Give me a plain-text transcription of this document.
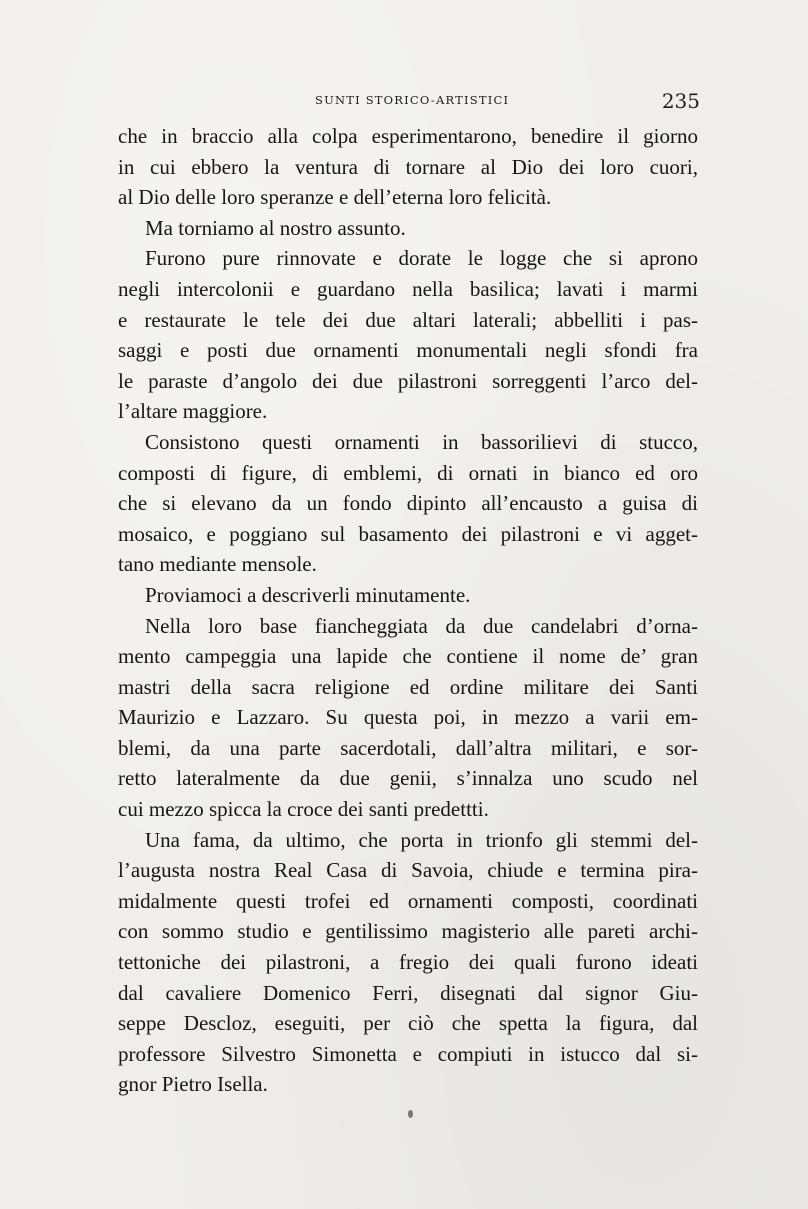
SUNTI STORICO-ARTISTICI	235
che in braccio alla colpa esperimentarono, benedire il giorno
in cui ebbero la ventura di tornare al Dio dei loro cuori,
al Dio delle loro speranze e dell’eterna loro felicità.
Ma torniamo al nostro assunto.
Furono pure rinnovate e dorate le logge che si aprono
negli intercolonii e guardano nella basilica; lavati i marmi
e restaurate le tele dei due altari laterali; abbelliti i pas-
saggi e posti due ornamenti monumentali negli sfondi fra
le paraste d’angolo dei due pilastroni sorreggenti l’arco del-
l’altare maggiore.
Consistono questi ornamenti in bassorilievi di stucco,
composti di figure, di emblemi, di ornati in bianco ed oro
che si elevano da un fondo dipinto all’encausto a guisa di
mosaico, e poggiano sul basamento dei pilastroni e vi agget-
tano mediante mensole.
Proviamoci a descriverli minutamente.
Nella loro base fiancheggiata da due candelabri d’orna-
mento campeggia una lapide che contiene il nome de’ gran
mastri della sacra religione ed ordine militare dei Santi
Maurizio e Lazzaro. Su questa poi, in mezzo a varii em-
blemi, da una parte sacerdotali, dall’altra militari, e sor-
retto lateralmente da due genii, s’innalza uno scudo nel
cui mezzo spicca la croce dei santi predettti.
Una fama, da ultimo, che porta in trionfo gli stemmi del-
l’augusta nostra Real Casa di Savoia, chiude e termina pira-
midalmente questi trofei ed ornamenti composti, coordinati
con sommo studio e gentilissimo magisterio alle pareti archi-
tettoniche dei pilastroni, a fregio dei quali furono ideati
dal cavaliere Domenico Ferri, disegnati dal signor Giu-
seppe Descloz, eseguiti, per ciò che spetta la figura, dal
professore Silvestro Simonetta e compiuti in istucco dal si-
gnor Pietro Isella.
